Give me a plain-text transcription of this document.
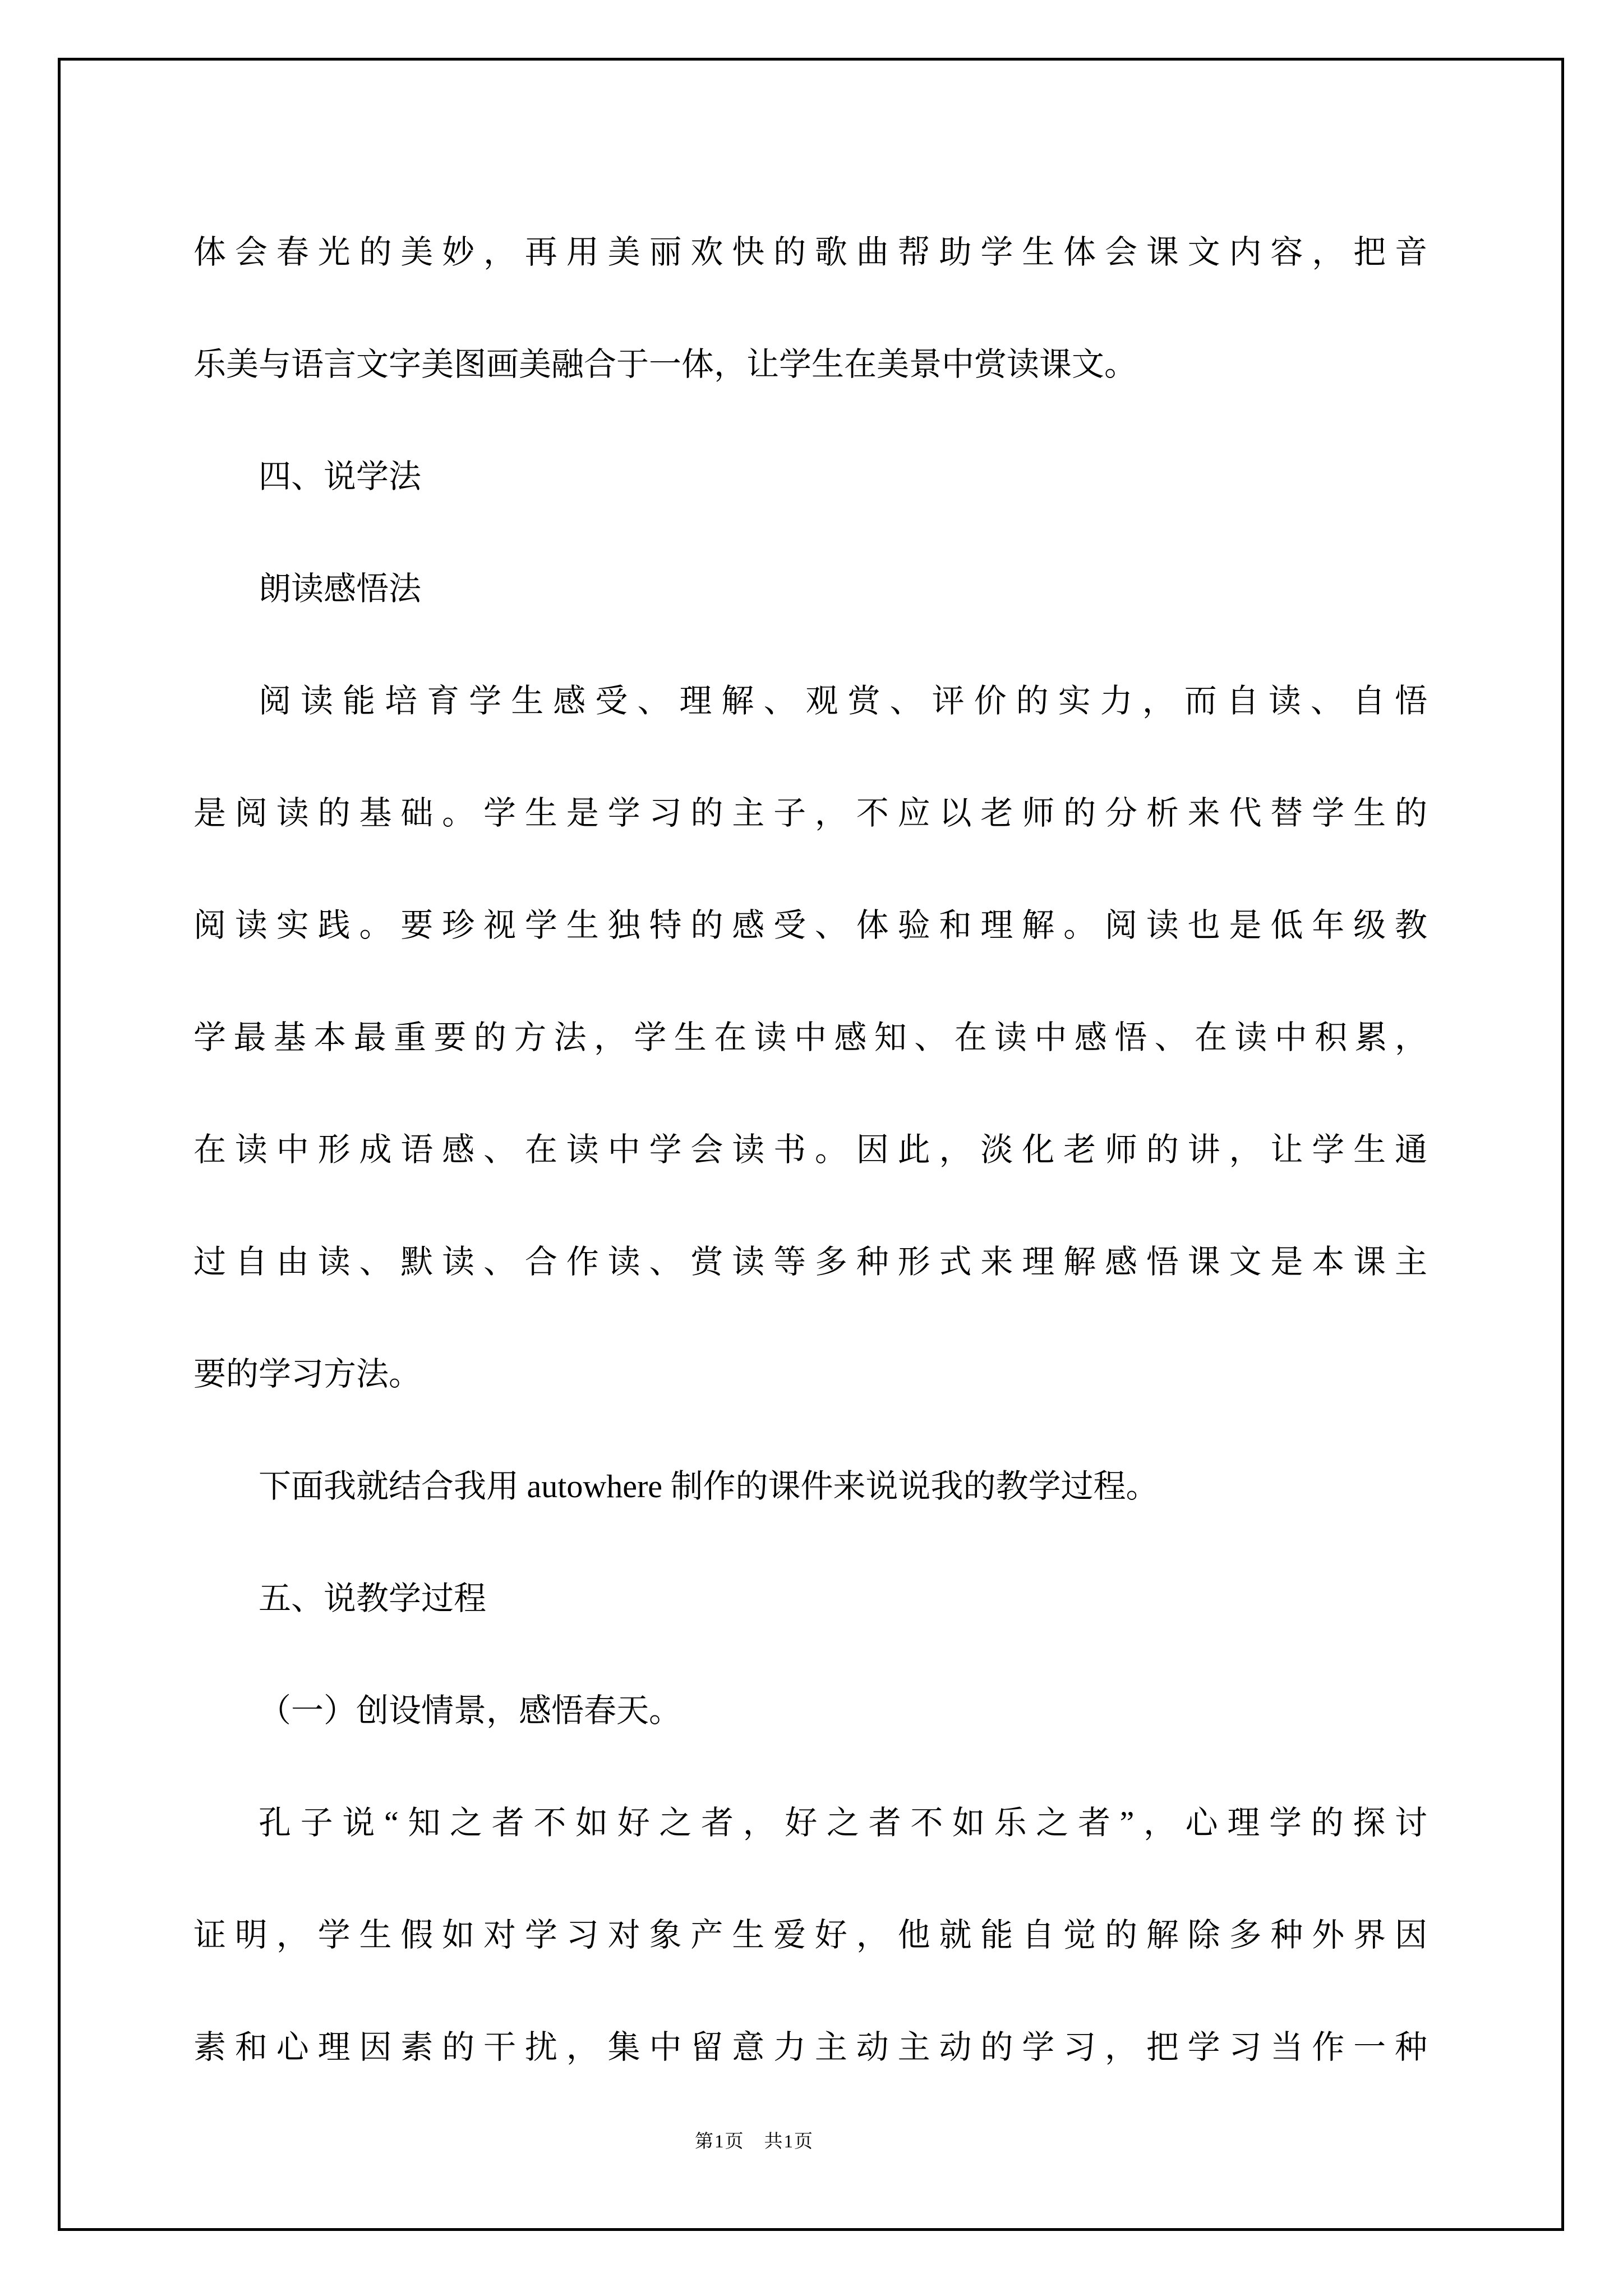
体会春光的美妙，再用美丽欢快的歌曲帮助学生体会课文内容，把音
乐美与语言文字美图画美融合于一体，让学生在美景中赏读课文。
四、说学法
朗读感悟法
阅读能培育学生感受、理解、观赏、评价的实力，而自读、自悟
是阅读的基础。学生是学习的主子，不应以老师的分析来代替学生的
阅读实践。要珍视学生独特的感受、体验和理解。阅读也是低年级教
学最基本最重要的方法，学生在读中感知、在读中感悟、在读中积累，
在读中形成语感、在读中学会读书。因此，淡化老师的讲，让学生通
过自由读、默读、合作读、赏读等多种形式来理解感悟课文是本课主
要的学习方法。
下面我就结合我用 autowhere 制作的课件来说说我的教学过程。
五、说教学过程
（一）创设情景，感悟春天。
孔子说“知之者不如好之者，好之者不如乐之者”，心理学的探讨
证明，学生假如对学习对象产生爱好，他就能自觉的解除多种外界因
素和心理因素的干扰，集中留意力主动主动的学习，把学习当作一种
第1页　共1页
